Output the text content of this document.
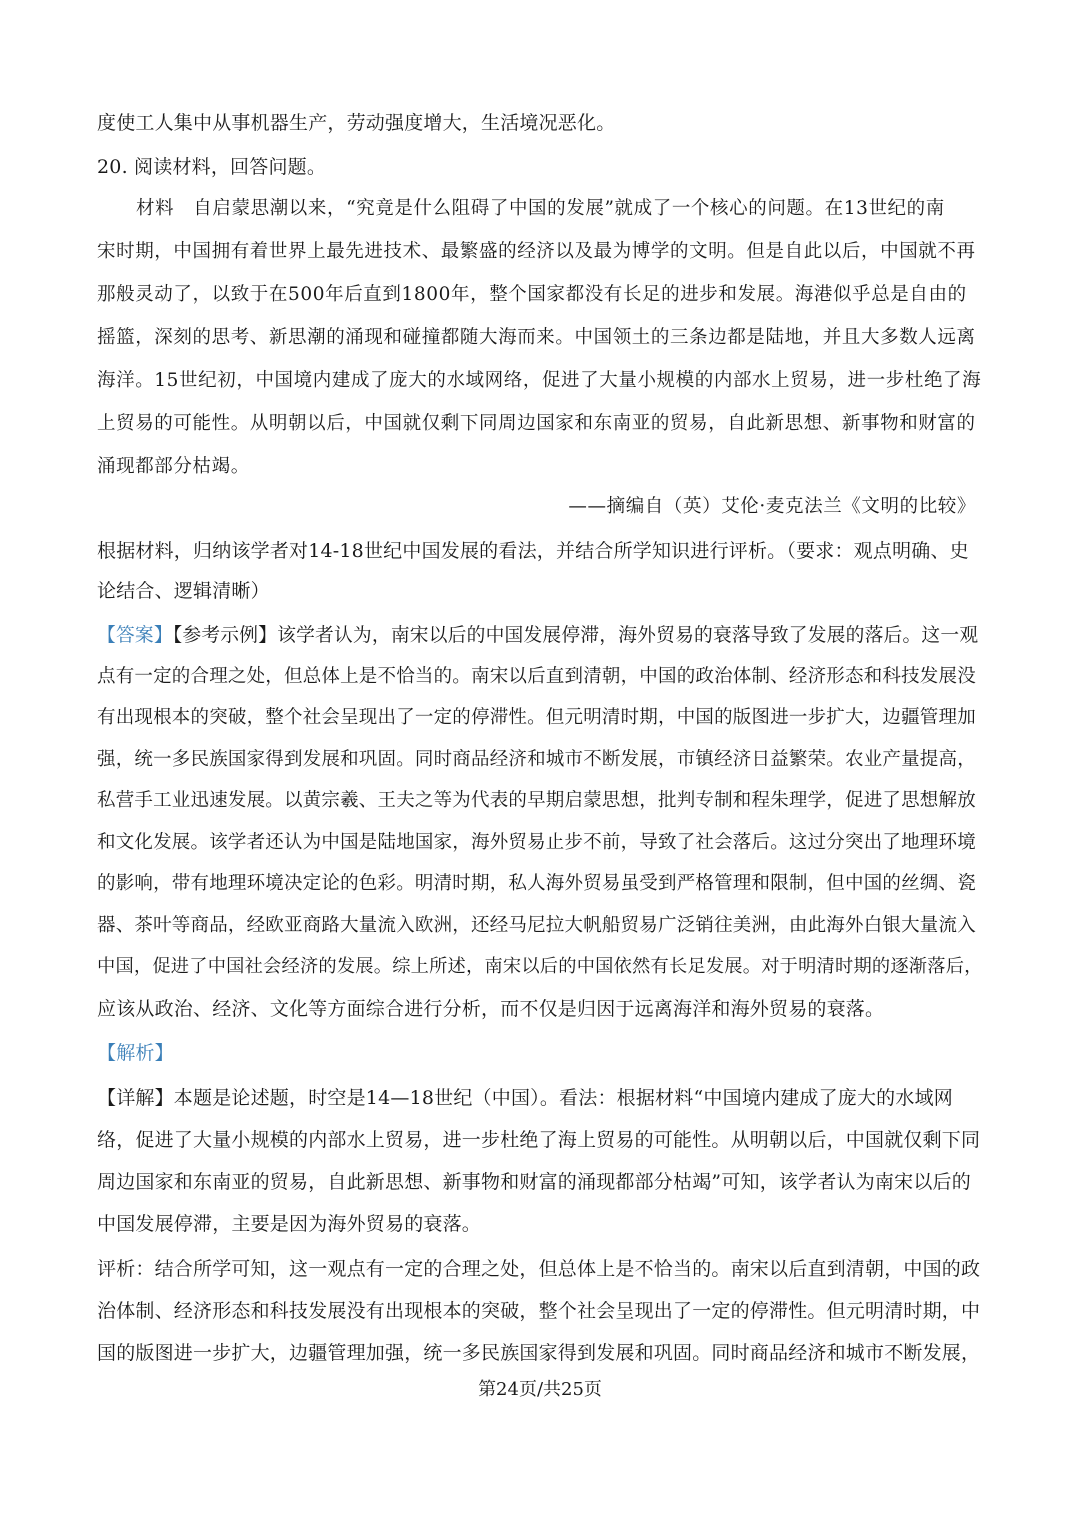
度使工人集中从事机器生产，劳动强度增大，生活境况恶化。
20. 阅读材料，回答问题。
材料　自启蒙思潮以来，“究竟是什么阻碍了中国的发展”就成了一个核心的问题。在13世纪的南
宋时期，中国拥有着世界上最先进技术、最繁盛的经济以及最为博学的文明。但是自此以后，中国就不再
那般灵动了，以致于在500年后直到1800年，整个国家都没有长足的进步和发展。海港似乎总是自由的
摇篮，深刻的思考、新思潮的涌现和碰撞都随大海而来。中国领土的三条边都是陆地，并且大多数人远离
海洋。15世纪初，中国境内建成了庞大的水域网络，促进了大量小规模的内部水上贸易，进一步杜绝了海
上贸易的可能性。从明朝以后，中国就仅剩下同周边国家和东南亚的贸易，自此新思想、新事物和财富的
涌现都部分枯竭。
——摘编自（英）艾伦·麦克法兰《文明的比较》
根据材料，归纳该学者对14-18世纪中国发展的看法，并结合所学知识进行评析。（要求：观点明确、史
论结合、逻辑清晰）
【答案】【参考示例】该学者认为，南宋以后的中国发展停滞，海外贸易的衰落导致了发展的落后。这一观
点有一定的合理之处，但总体上是不恰当的。南宋以后直到清朝，中国的政治体制、经济形态和科技发展没
有出现根本的突破，整个社会呈现出了一定的停滞性。但元明清时期，中国的版图进一步扩大，边疆管理加
强，统一多民族国家得到发展和巩固。同时商品经济和城市不断发展，市镇经济日益繁荣。农业产量提高，
私营手工业迅速发展。以黄宗羲、王夫之等为代表的早期启蒙思想，批判专制和程朱理学，促进了思想解放
和文化发展。该学者还认为中国是陆地国家，海外贸易止步不前，导致了社会落后。这过分突出了地理环境
的影响，带有地理环境决定论的色彩。明清时期，私人海外贸易虽受到严格管理和限制，但中国的丝绸、瓷
器、茶叶等商品，经欧亚商路大量流入欧洲，还经马尼拉大帆船贸易广泛销往美洲，由此海外白银大量流入
中国，促进了中国社会经济的发展。综上所述，南宋以后的中国依然有长足发展。对于明清时期的逐渐落后，
应该从政治、经济、文化等方面综合进行分析，而不仅是归因于远离海洋和海外贸易的衰落。
【解析】
【详解】本题是论述题，时空是14—18世纪（中国）。看法：根据材料“中国境内建成了庞大的水域网
络，促进了大量小规模的内部水上贸易，进一步杜绝了海上贸易的可能性。从明朝以后，中国就仅剩下同
周边国家和东南亚的贸易，自此新思想、新事物和财富的涌现都部分枯竭”可知，该学者认为南宋以后的
中国发展停滞，主要是因为海外贸易的衰落。
评析：结合所学可知，这一观点有一定的合理之处，但总体上是不恰当的。南宋以后直到清朝，中国的政
治体制、经济形态和科技发展没有出现根本的突破，整个社会呈现出了一定的停滞性。但元明清时期，中
国的版图进一步扩大，边疆管理加强，统一多民族国家得到发展和巩固。同时商品经济和城市不断发展，
第24页/共25页
